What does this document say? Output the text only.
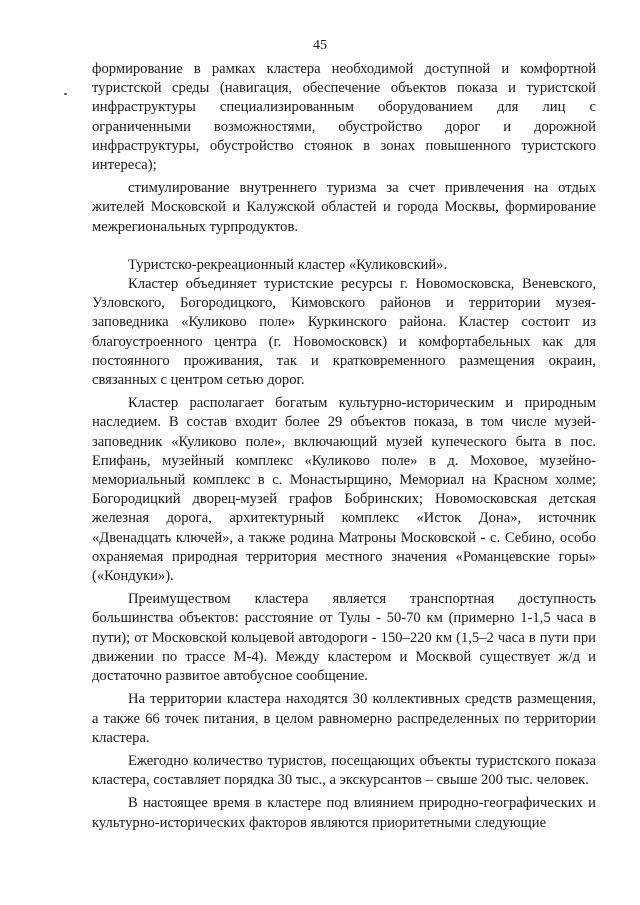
45

формирование в рамках кластера необходимой доступной и комфортной туристской среды (навигация, обеспечение объектов показа и туристской инфраструктуры специализированным оборудованием для лиц с ограниченными возможностями, обустройство дорог и дорожной инфраструктуры, обустройство стоянок в зонах повышенного туристского интереса);

стимулирование внутреннего туризма за счет привлечения на отдых жителей Московской и Калужской областей и города Москвы, формирование межрегиональных турпродуктов.

Туристско-рекреационный кластер «Куликовский».

Кластер объединяет туристские ресурсы г. Новомосковска, Веневского, Узловского, Богородицкого, Кимовского районов и территории музея-заповедника «Куликово поле» Куркинского района. Кластер состоит из благоустроенного центра (г. Новомосковск) и комфортабельных как для постоянного проживания, так и кратковременного размещения окраин, связанных с центром сетью дорог.

Кластер располагает богатым культурно-историческим и природным наследием. В состав входит более 29 объектов показа, в том числе музей-заповедник «Куликово поле», включающий музей купеческого быта в пос. Епифань, музейный комплекс «Куликово поле» в д. Моховое, музейно-мемориальный комплекс в с. Монастырщино, Мемориал на Красном холме; Богородицкий дворец-музей графов Бобринских; Новомосковская детская железная дорога, архитектурный комплекс «Исток Дона», источник «Двенадцать ключей», а также родина Матроны Московской - с. Себино, особо охраняемая природная территория местного значения «Романцевские горы» («Кондуки»).

Преимуществом кластера является транспортная доступность большинства объектов: расстояние от Тулы - 50-70 км (примерно 1-1,5 часа в пути); от Московской кольцевой автодороги - 150–220 км (1,5–2 часа в пути при движении по трассе М-4). Между кластером и Москвой существует ж/д и достаточно развитое автобусное сообщение.

На территории кластера находятся 30 коллективных средств размещения, а также 66 точек питания, в целом равномерно распределенных по территории кластера.

Ежегодно количество туристов, посещающих объекты туристского показа кластера, составляет порядка 30 тыс., а экскурсантов – свыше 200 тыс. человек.

В настоящее время в кластере под влиянием природно-географических и культурно-исторических факторов являются приоритетными следующие
